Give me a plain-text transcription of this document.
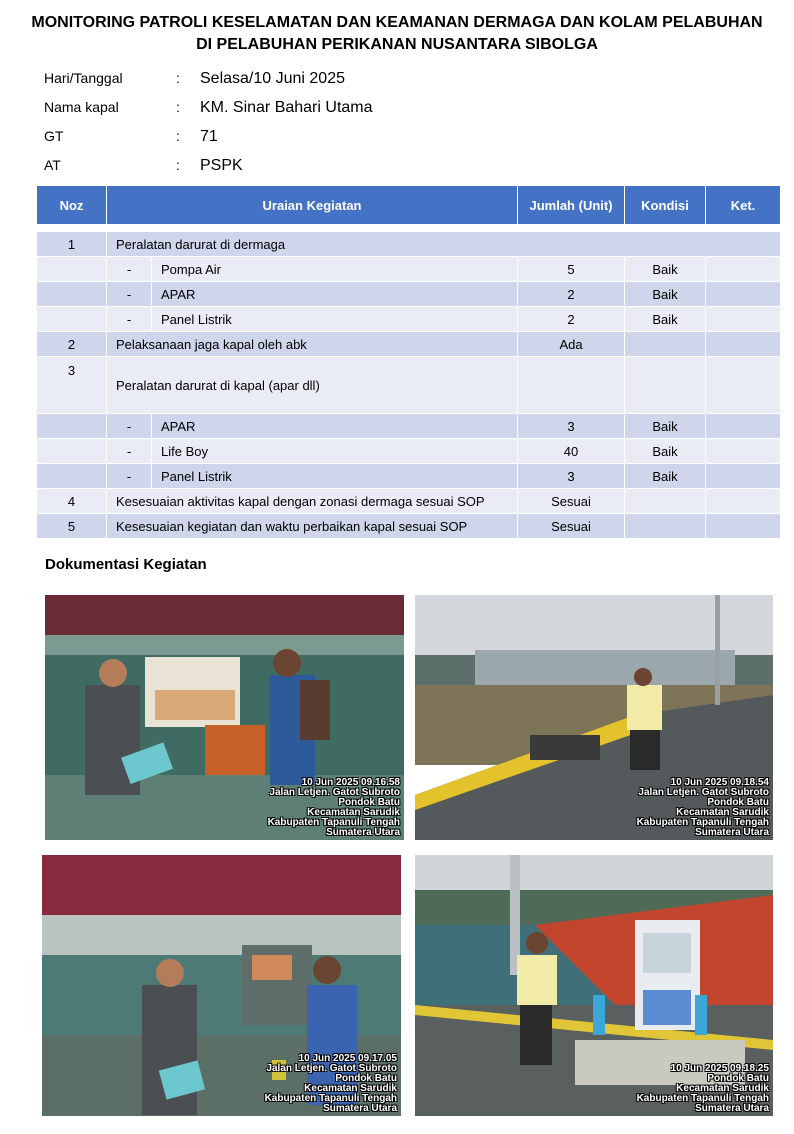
MONITORING PATROLI KESELAMATAN DAN KEAMANAN DERMAGA DAN KOLAM PELABUHAN
DI PELABUHAN PERIKANAN NUSANTARA SIBOLGA
Hari/Tanggal	: Selasa/10 Juni 2025
Nama kapal	: KM. Sinar Bahari Utama
GT	: 71
AT	: PSPK
Noz	Uraian Kegiatan		Jumlah (Unit)	Kondisi	Ket.

1	Peralatan darurat di dermaga				
	-	Pompa Air	5	Baik	
	-	APAR	2	Baik	
	-	Panel Listrik	2	Baik	
2	Pelaksanaan jaga kapal oleh abk		Ada		
3	Peralatan darurat di kapal (apar dll)				
	-	APAR	3	Baik	
	-	Life Boy	40	Baik	
	-	Panel Listrik	3	Baik	
4	Kesesuaian aktivitas kapal dengan zonasi dermaga sesuai SOP		Sesuai		
5	Kesesuaian kegiatan dan waktu perbaikan kapal sesuai SOP		Sesuai		
Dokumentasi Kegiatan
10 Jun 2025 09.16.58
Jalan Letjen. Gatot Subroto
Pondok Batu
Kecamatan Sarudik
Kabupaten Tapanuli Tengah
Sumatera Utara
10 Jun 2025 09.18.54
Jalan Letjen. Gatot Subroto
Pondok Batu
Kecamatan Sarudik
Kabupaten Tapanuli Tengah
Sumatera Utara
10 Jun 2025 09.17.05
Jalan Letjen. Gatot Subroto
Pondok Batu
Kecamatan Sarudik
Kabupaten Tapanuli Tengah
Sumatera Utara
10 Jun 2025 09.18.25
Pondok Batu
Kecamatan Sarudik
Kabupaten Tapanuli Tengah
Sumatera Utara
